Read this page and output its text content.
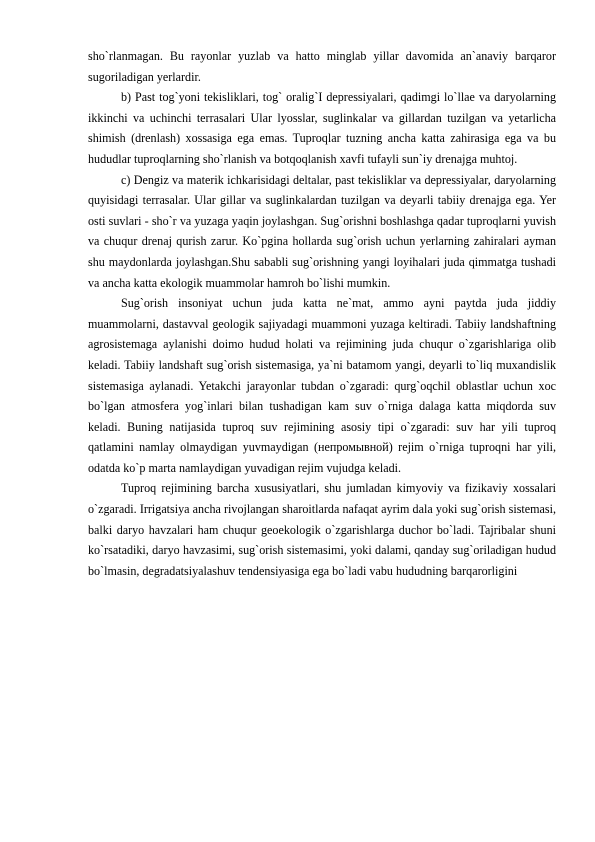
sho`rlanmagan. Bu rayonlar yuzlab va hatto minglab yillar davomida an`anaviy barqaror sugoriladigan yerlardir.

b) Past tog`yoni tekisliklari, tog` oralig`I depressiyalari, qadimgi lo`llae va daryolarning ikkinchi va uchinchi terrasalari Ular lyosslar, suglinkalar va gillardan tuzilgan va yetarlicha shimish (drenlash) xossasiga ega emas. Tuproqlar tuzning ancha katta zahirasiga ega va bu hududlar tuproqlarning sho`rlanish va botqoqlanish xavfi tufayli sun`iy drenajga muhtoj.

c) Dengiz va materik ichkarisidagi deltalar, past tekisliklar va depressiyalar, daryolarning quyisidagi terrasalar. Ular gillar va suglinkalardan tuzilgan va deyarli tabiiy drenajga ega. Yer osti suvlari - sho`r va yuzaga yaqin joylashgan. Sug`orishni boshlashga qadar tuproqlarni yuvish va chuqur drenaj qurish zarur. Ko`pgina hollarda sug`orish uchun yerlarning zahiralari ayman shu maydonlarda joylashgan.Shu sababli sug`orishning yangi loyihalari juda qimmatga tushadi va ancha katta ekologik muammolar hamroh bo`lishi mumkin.

Sug`orish insoniyat uchun juda katta ne`mat, ammo ayni paytda juda jiddiy muammolarni, dastavval geologik sajiyadagi muammoni yuzaga keltiradi. Tabiiy landshaftning agrosistemaga aylanishi doimo hudud holati va rejimining juda chuqur o`zgarishlariga olib keladi. Tabiiy landshaft sug`orish sistemasiga, ya`ni batamom yangi, deyarli to`liq muxandislik sistemasiga aylanadi. Yetakchi jarayonlar tubdan o`zgaradi: qurg`oqchil oblastlar uchun xoc bo`lgan atmosfera yog`inlari bilan tushadigan kam suv o`rniga dalaga katta miqdorda suv keladi. Buning natijasida tuproq suv rejimining asosiy tipi o`zgaradi: suv har yili tuproq qatlamini namlay olmaydigan yuvmaydigan (непромывной) rejim o`rniga tuproqni har yili, odatda ko`p marta namlaydigan yuvadigan rejim vujudga keladi.

Tuproq rejimining barcha xususiyatlari, shu jumladan kimyoviy va fizikaviy xossalari o`zgaradi. Irrigatsiya ancha rivojlangan sharoitlarda nafaqat ayrim dala yoki sug`orish sistemasi, balki daryo havzalari ham chuqur geoekologik o`zgarishlarga duchor bo`ladi. Tajribalar shuni ko`rsatadiki, daryo havzasimi, sug`orish sistemasimi, yoki dalami, qanday sug`oriladigan hudud bo`lmasin, degradatsiyalashuv tendensiyasiga ega bo`ladi vabu hududning barqarorligini
